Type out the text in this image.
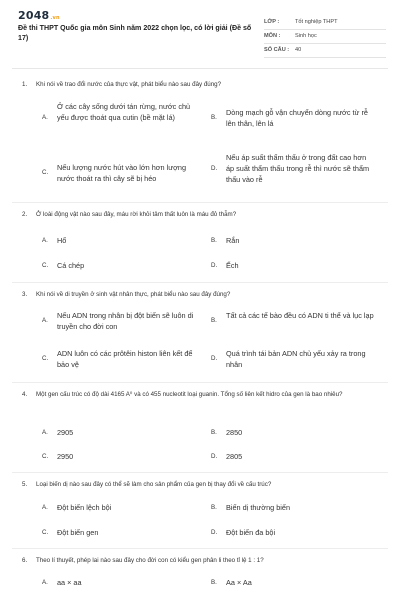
2048.vn
Đề thi THPT Quốc gia môn Sinh năm 2022 chọn lọc, có lời giải (Đề số 17)
LỚP :	Tốt nghiệp THPT
MÔN :	Sinh học
SỐ CÂU : 40
1. Khi nói về trao đổi nước của thực vật, phát biểu nào sau đây đúng?
A.
Ở các cây sống dưới tán rừng, nước chủ yếu được thoát qua cutin (bề mặt lá)	B.
Dòng mạch gỗ vận chuyển dòng nước từ rễ lên thân, lên lá
C.
Nếu lượng nước hút vào lớn hơn lượng nước thoát ra thì cây sẽ bị héo
D.
Nếu áp suất thẩm thấu ở trong đất cao hơn áp suất thẩm thấu trong rễ thì nước sẽ thẩm thấu vào rễ
2. Ở loài động vật nào sau đây, máu rời khỏi tâm thất luôn là máu đỏ thẫm?
A. Hổ	B. Rắn
C. Cá chép	D. Ếch
3. Khi nói về di truyền ở sinh vật nhân thực, phát biểu nào sau đây đúng?
A.
Nếu ADN trong nhân bị đột biến sẽ luôn di truyền cho đời con
B.
Tất cả các tế bào đều có ADN ti thể và lục lạp
C.
ADN luôn có các prôtêin histon liên kết để bảo vệ
D.
Quá trình tái bản ADN chủ yếu xảy ra trong nhân
4. Một gen cấu trúc có độ dài 4165 A⁰ và có 455 nucleotit loại guanin. Tổng số liên kết hidro của gen là bao nhiêu?
A. 2905	B. 2850
C. 2950	D. 2805
5. Loại biến dị nào sau đây có thể sẽ làm cho sản phẩm của gen bị thay đổi về cấu trúc?
A. Đột biến lệch bội	B. Biến dị thường biến
C. Đột biến gen	D. Đột biến đa bội
6. Theo lí thuyết, phép lai nào sau đây cho đời con có kiểu gen phân li theo tỉ lệ 1 : 1?
A. aa × aa	B. Aa × Aa
